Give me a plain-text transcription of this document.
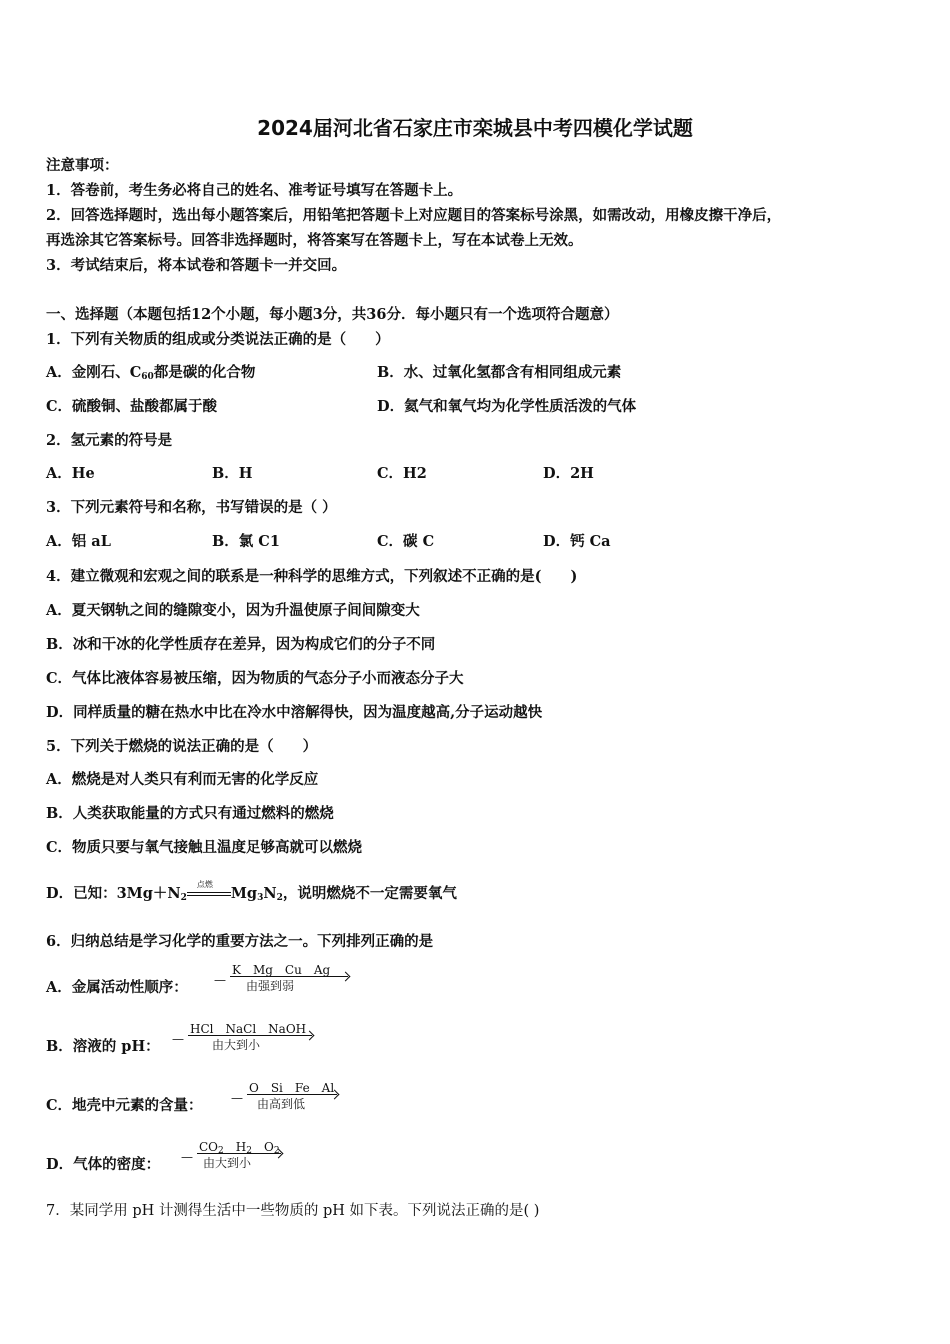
2024届河北省石家庄市栾城县中考四模化学试题
注意事项：
1．答卷前，考生务必将自己的姓名、准考证号填写在答题卡上。
2．回答选择题时，选出每小题答案后，用铅笔把答题卡上对应题目的答案标号涂黑，如需改动，用橡皮擦干净后，
再选涂其它答案标号。回答非选择题时，将答案写在答题卡上，写在本试卷上无效。
3．考试结束后，将本试卷和答题卡一并交回。
一、选择题（本题包括12个小题，每小题3分，共36分．每小题只有一个选项符合题意）
1．下列有关物质的组成或分类说法正确的是（　　）
A．金刚石、$C_{60}$都是碳的化合物	B．水、过氧化氢都含有相同组成元素
C．硫酸铜、盐酸都属于酸	D．氦气和氧气均为化学性质活泼的气体
2．氢元素的符号是
A．He	B．H	C．H2	D．2H
3．下列元素符号和名称，书写错误的是（ ）
A．铝 aL	B．氯 C1	C．碳 C	D．钙 Ca
4．建立微观和宏观之间的联系是一种科学的思维方式，下列叙述不正确的是(　　)
A．夏天钢轨之间的缝隙变小，因为升温使原子间间隙变大
B．冰和干冰的化学性质存在差异，因为构成它们的分子不同
C．气体比液体容易被压缩，因为物质的气态分子小而液态分子大
D．同样质量的糖在热水中比在冷水中溶解得快，因为温度越高,分子运动越快
5．下列关于燃烧的说法正确的是（　　）
A．燃烧是对人类只有利而无害的化学反应
B．人类获取能量的方式只有通过燃料的燃烧
C．物质只要与氧气接触且温度足够高就可以燃烧
D．已知：$3Mg+N_2$
点燃
$Mg_3N_2$，说明燃烧不一定需要氧气
6．归纳总结是学习化学的重要方法之一。下列排列正确的是
A．金属活动性顺序： —
K　Mg　Cu　Ag
由强到弱
B．溶液的 pH： —
HCl　NaCl　NaOH
由大到小
C．地壳中元素的含量： —
O　Si　Fe　Al
由高到低
D．气体的密度： —
CO2　H2　O2
由大到小
7．某同学用 pH 计测得生活中一些物质的 pH 如下表。下列说法正确的是( )
